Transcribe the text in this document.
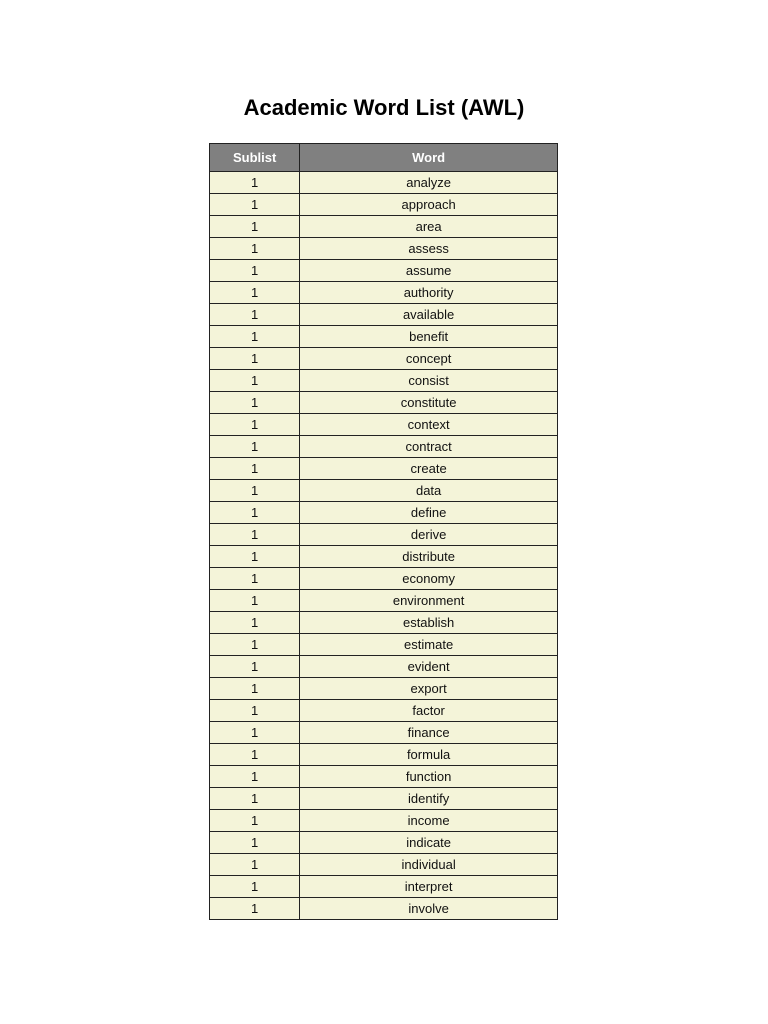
Academic Word List (AWL)
Sublist	Word
1	analyze
1	approach
1	area
1	assess
1	assume
1	authority
1	available
1	benefit
1	concept
1	consist
1	constitute
1	context
1	contract
1	create
1	data
1	define
1	derive
1	distribute
1	economy
1	environment
1	establish
1	estimate
1	evident
1	export
1	factor
1	finance
1	formula
1	function
1	identify
1	income
1	indicate
1	individual
1	interpret
1	involve
